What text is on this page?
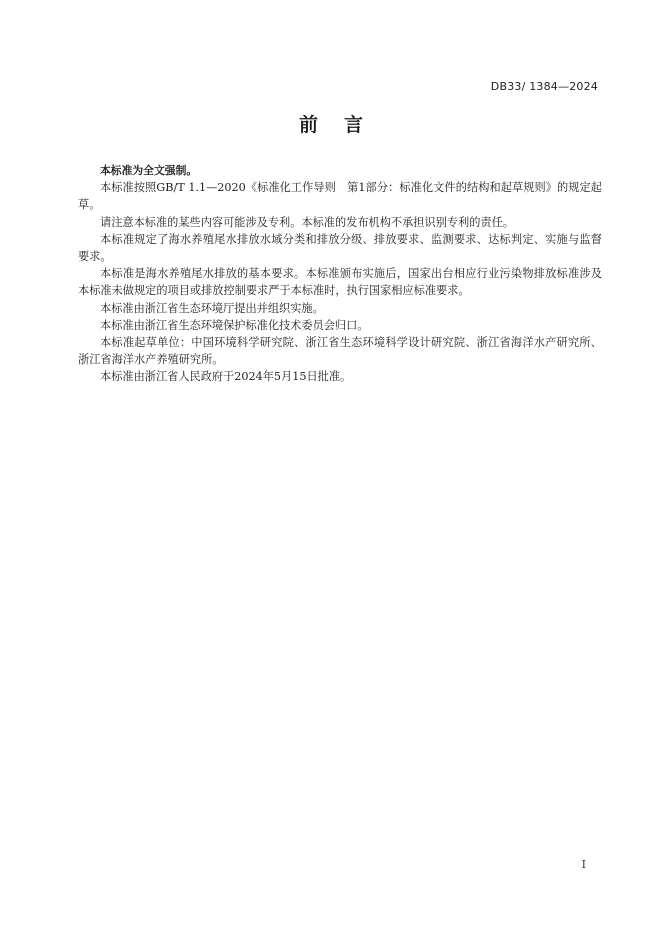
DB33/ 1384—2024
前言

本标准为全文强制。

本标准按照GB/T 1.1—2020《标准化工作导则　第1部分：标准化文件的结构和起草规则》的规定起草。

请注意本标准的某些内容可能涉及专利。本标准的发布机构不承担识别专利的责任。

本标准规定了海水养殖尾水排放水域分类和排放分级、排放要求、监测要求、达标判定、实施与监督要求。

本标准是海水养殖尾水排放的基本要求。本标准颁布实施后，国家出台相应行业污染物排放标准涉及本标准未做规定的项目或排放控制要求严于本标准时，执行国家相应标准要求。

本标准由浙江省生态环境厅提出并组织实施。

本标准由浙江省生态环境保护标准化技术委员会归口。

本标准起草单位：中国环境科学研究院、浙江省生态环境科学设计研究院、浙江省海洋水产研究所、浙江省海洋水产养殖研究所。

本标准由浙江省人民政府于2024年5月15日批准。

I
